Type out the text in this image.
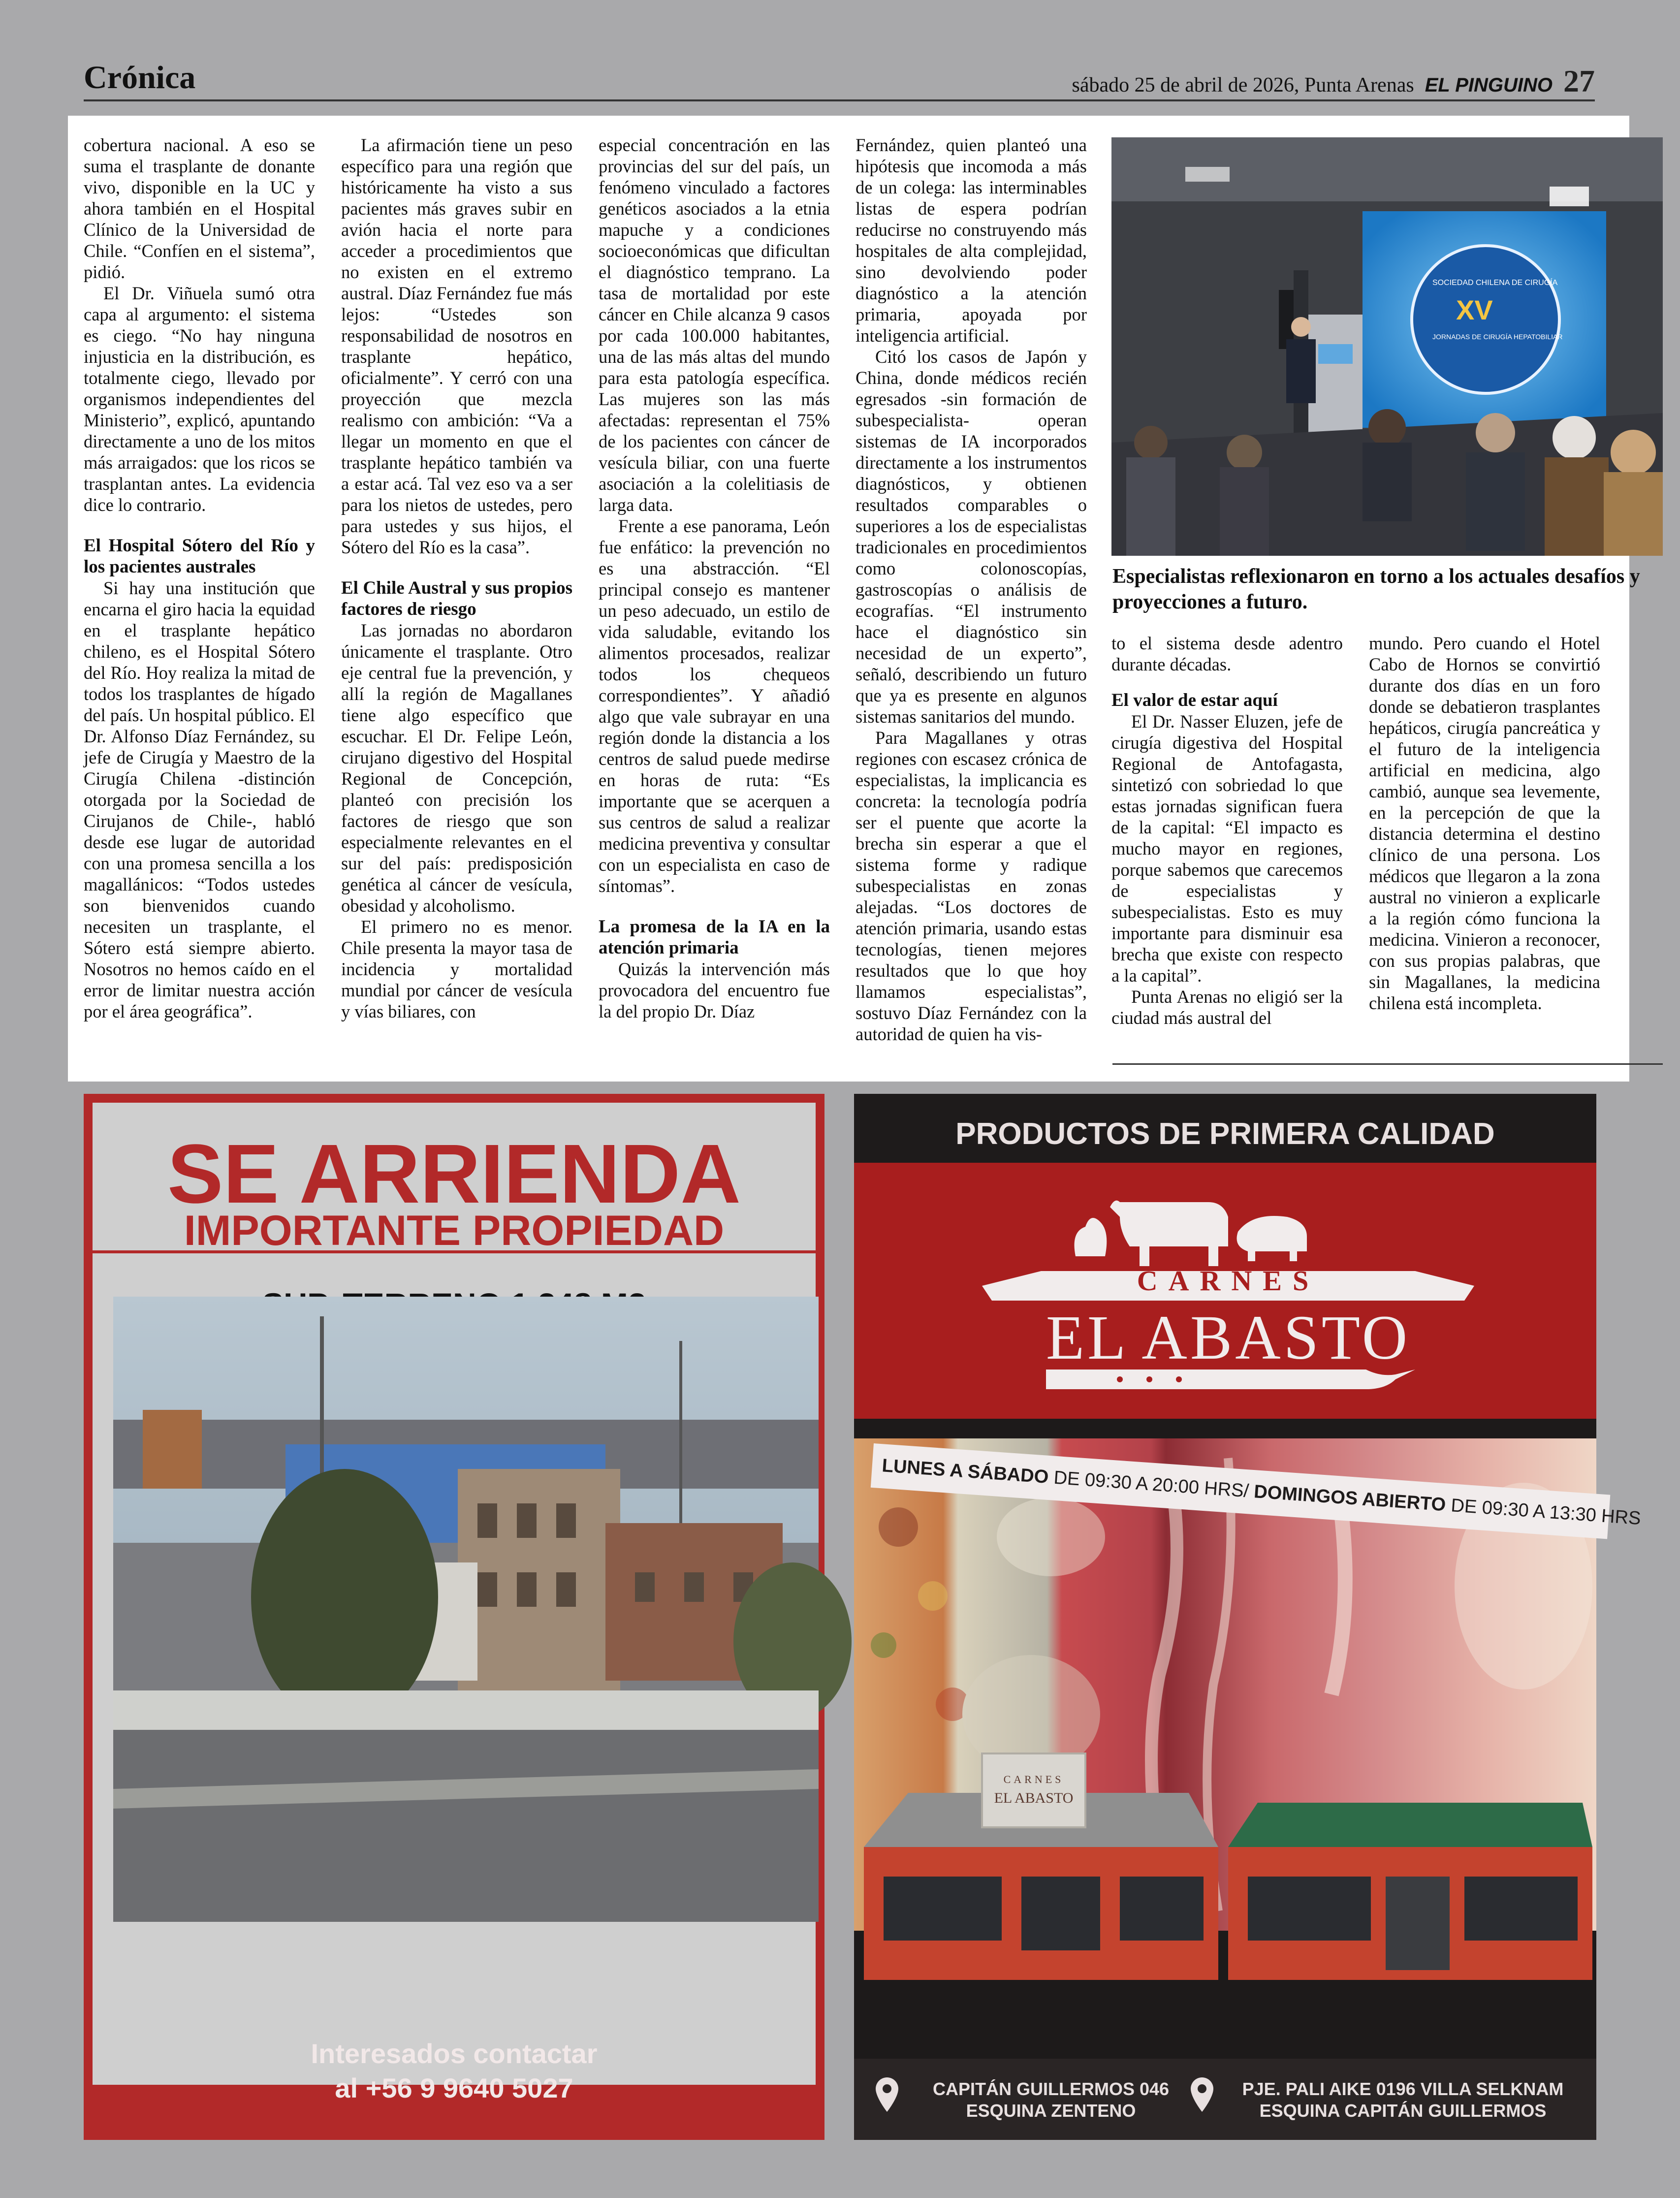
Crónica	sábado 25 de abril de 2026, Punta Arenas EL PINGUINO 27

cobertura nacional. A eso se suma el trasplante de donante vivo, disponible en la UC y ahora también en el Hospital Clínico de la Universidad de Chile. “Confíen en el sistema”, pidió.

El Dr. Viñuela sumó otra capa al argumento: el sistema es ciego. “No hay ninguna injusticia en la distribución, es totalmente ciego, llevado por organismos independientes del Ministerio”, explicó, apuntando directamente a uno de los mitos más arraigados: que los ricos se trasplantan antes. La evidencia dice lo contrario.

El Hospital Sótero del Río y los pacientes australes

Si hay una institución que encarna el giro hacia la equidad en el trasplante hepático chileno, es el Hospital Sótero del Río. Hoy realiza la mitad de todos los trasplantes de hígado del país. Un hospital público. El Dr. Alfonso Díaz Fernández, su jefe de Cirugía y Maestro de la Cirugía Chilena -distinción otorgada por la Sociedad de Cirujanos de Chile-, habló desde ese lugar de autoridad con una promesa sencilla a los magallánicos: “Todos ustedes son bienvenidos cuando necesiten un trasplante, el Sótero está siempre abierto. Nosotros no hemos caído en el error de limitar nuestra acción por el área geográfica”.

La afirmación tiene un peso específico para una región que históricamente ha visto a sus pacientes más graves subir en avión hacia el norte para acceder a procedimientos que no existen en el extremo austral. Díaz Fernández fue más lejos: “Ustedes son responsabilidad de nosotros en trasplante hepático, oficialmente”. Y cerró con una proyección que mezcla realismo con ambición: “Va a llegar un momento en que el trasplante hepático también va a estar acá. Tal vez eso va a ser para los nietos de ustedes, pero para ustedes y sus hijos, el Sótero del Río es la casa”.

El Chile Austral y sus propios factores de riesgo

Las jornadas no abordaron únicamente el trasplante. Otro eje central fue la prevención, y allí la región de Magallanes tiene algo específico que escuchar. El Dr. Felipe León, cirujano digestivo del Hospital Regional de Concepción, planteó con precisión los factores de riesgo que son especialmente relevantes en el sur del país: predisposición genética al cáncer de vesícula, obesidad y alcoholismo.

El primero no es menor. Chile presenta la mayor tasa de incidencia y mortalidad mundial por cáncer de vesícula y vías biliares, con

especial concentración en las provincias del sur del país, un fenómeno vinculado a factores genéticos asociados a la etnia mapuche y a condiciones socioeconómicas que dificultan el diagnóstico temprano. La tasa de mortalidad por este cáncer en Chile alcanza 9 casos por cada 100.000 habitantes, una de las más altas del mundo para esta patología específica. Las mujeres son las más afectadas: representan el 75% de los pacientes con cáncer de vesícula biliar, con una fuerte asociación a la colelitiasis de larga data.

Frente a ese panorama, León fue enfático: la prevención no es una abstracción. “El principal consejo es mantener un peso adecuado, un estilo de vida saludable, evitando los alimentos procesados, realizar todos los chequeos correspondientes”. Y añadió algo que vale subrayar en una región donde la distancia a los centros de salud puede medirse en horas de ruta: “Es importante que se acerquen a sus centros de salud a realizar medicina preventiva y consultar con un especialista en caso de síntomas”.

La promesa de la IA en la atención primaria

Quizás la intervención más provocadora del encuentro fue la del propio Dr. Díaz

Fernández, quien planteó una hipótesis que incomoda a más de un colega: las interminables listas de espera podrían reducirse no construyendo más hospitales de alta complejidad, sino devolviendo poder diagnóstico a la atención primaria, apoyada por inteligencia artificial.

Citó los casos de Japón y China, donde médicos recién egresados -sin formación de subespecialista- operan sistemas de IA incorporados directamente a los instrumentos diagnósticos, y obtienen resultados comparables o superiores a los de especialistas tradicionales en procedimientos como colonoscopías, gastroscopías o análisis de ecografías. “El instrumento hace el diagnóstico sin necesidad de un experto”, señaló, describiendo un futuro que ya es presente en algunos sistemas sanitarios del mundo.

Para Magallanes y otras regiones con escasez crónica de especialistas, la implicancia es concreta: la tecnología podría ser el puente que acorte la brecha sin esperar a que el sistema forme y radique subespecialistas en zonas alejadas. “Los doctores de atención primaria, usando estas tecnologías, tienen mejores resultados que lo que hoy llamamos especialistas”, sostuvo Díaz Fernández con la autoridad de quien ha vis-

to el sistema desde adentro durante décadas.

El valor de estar aquí

El Dr. Nasser Eluzen, jefe de cirugía digestiva del Hospital Regional de Antofagasta, sintetizó con sobriedad lo que estas jornadas significan fuera de la capital: “El impacto es mucho mayor en regiones, porque sabemos que carecemos de especialistas y subespecialistas. Esto es muy importante para disminuir esa brecha que existe con respecto a la capital”.

Punta Arenas no eligió ser la ciudad más austral del

mundo. Pero cuando el Hotel Cabo de Hornos se convirtió durante dos días en un foro donde se debatieron trasplantes hepáticos, cirugía pancreática y el futuro de la inteligencia artificial en medicina, algo cambió, aunque sea levemente, en la percepción de que la distancia determina el destino clínico de una persona. Los médicos que llegaron a la zona austral no vinieron a explicarle a la región cómo funciona la medicina. Vinieron a reconocer, con sus propias palabras, que sin Magallanes, la medicina chilena está incompleta.

XV
SOCIEDAD CHILENA DE CIRUGÍA
JORNADAS DE CIRUGÍA HEPATOBILIAR
Especialistas reflexionaron en torno a los actuales desafíos y proyecciones a futuro.
SE ARRIENDA
IMPORTANTE PROPIEDAD
Interesados contactar
al +56 9 9640 5027
PRODUCTOS DE PRIMERA CALIDAD
CARNES
EL ABASTO
LUNES A SÁBADO DE 09:30 A 20:00 HRS/ DOMINGOS ABIERTO DE 09:30 A 13:30 HRS
CARNES
EL ABASTO
CAPITÁN GUILLERMOS 046
ESQUINA ZENTENO
PJE. PALI AIKE 0196 VILLA SELKNAM
ESQUINA CAPITÁN GUILLERMOS
